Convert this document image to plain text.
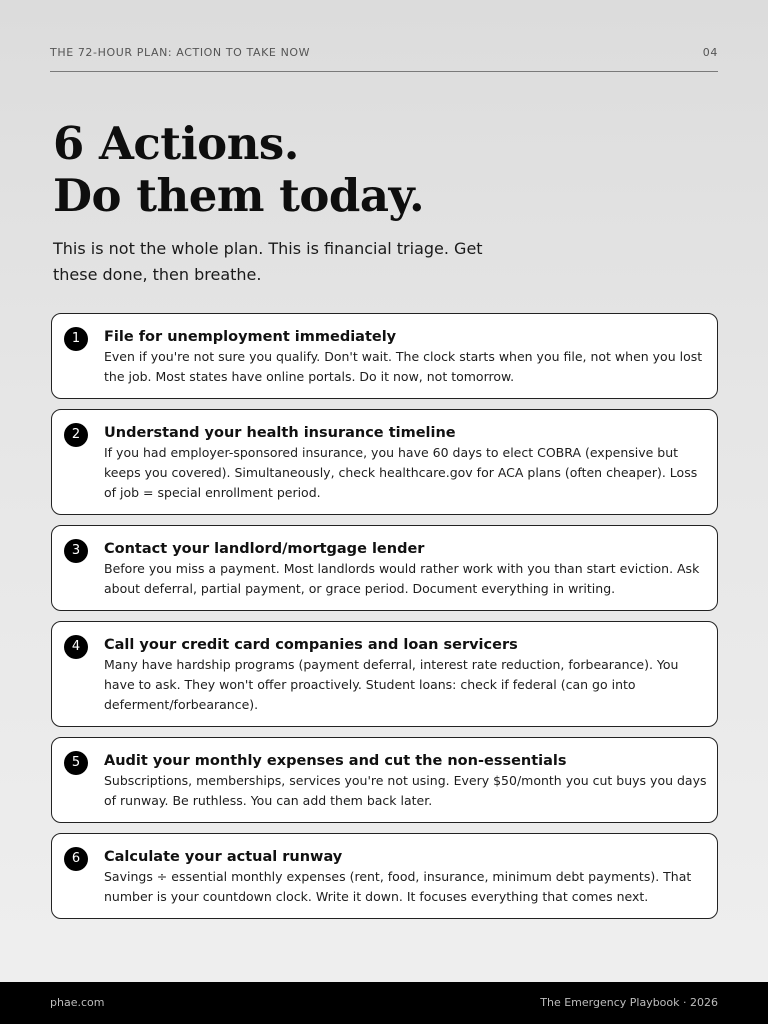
THE 72-HOUR PLAN: ACTION TO TAKE NOW	04
6 Actions.
Do them today.

This is not the whole plan. This is financial triage. Get these done, then breathe.

1	File for unemployment immediately
Even if you're not sure you qualify. Don't wait. The clock starts when you file, not when you lost the job. Most states have online portals. Do it now, not tomorrow.
2	Understand your health insurance timeline
If you had employer-sponsored insurance, you have 60 days to elect COBRA (expensive but keeps you covered). Simultaneously, check healthcare.gov for ACA plans (often cheaper). Loss of job = special enrollment period.
3	Contact your landlord/mortgage lender
Before you miss a payment. Most landlords would rather work with you than start eviction. Ask about deferral, partial payment, or grace period. Document everything in writing.
4	Call your credit card companies and loan servicers
Many have hardship programs (payment deferral, interest rate reduction, forbearance). You have to ask. They won't offer proactively. Student loans: check if federal (can go into deferment/forbearance).
5	Audit your monthly expenses and cut the non-essentials
Subscriptions, memberships, services you're not using. Every $50/month you cut buys you days of runway. Be ruthless. You can add them back later.
6	Calculate your actual runway
Savings ÷ essential monthly expenses (rent, food, insurance, minimum debt payments). That number is your countdown clock. Write it down. It focuses everything that comes next.
phae.com	The Emergency Playbook · 2026
